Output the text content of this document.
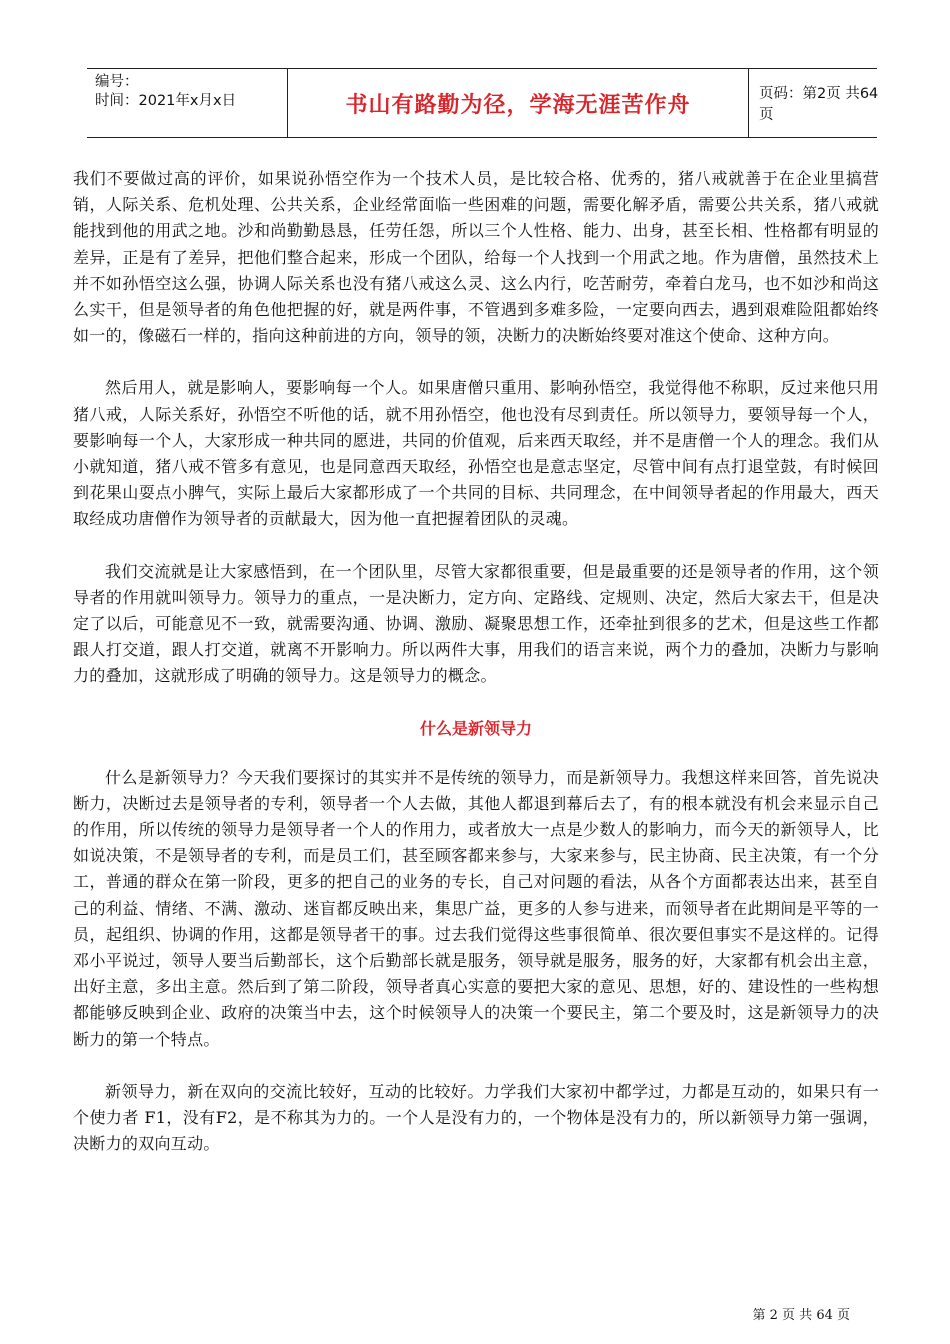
编号：
时间：2021年x月x日	书山有路勤为径，学海无涯苦作舟	页码：第2页 共64页

我们不要做过高的评价，如果说孙悟空作为一个技术人员，是比较合格、优秀的，猪八戒就善于在企业里搞营销，人际关系、危机处理、公共关系，企业经常面临一些困难的问题，需要化解矛盾，需要公共关系，猪八戒就能找到他的用武之地。沙和尚勤勤恳恳，任劳任怨，所以三个人性格、能力、出身，甚至长相、性格都有明显的差异，正是有了差异，把他们整合起来，形成一个团队，给每一个人找到一个用武之地。作为唐僧，虽然技术上并不如孙悟空这么强，协调人际关系也没有猪八戒这么灵、这么内行，吃苦耐劳，牵着白龙马，也不如沙和尚这么实干，但是领导者的角色他把握的好，就是两件事，不管遇到多难多险，一定要向西去，遇到艰难险阻都始终如一的，像磁石一样的，指向这种前进的方向，领导的领，决断力的决断始终要对准这个使命、这种方向。

然后用人，就是影响人，要影响每一个人。如果唐僧只重用、影响孙悟空，我觉得他不称职，反过来他只用猪八戒，人际关系好，孙悟空不听他的话，就不用孙悟空，他也没有尽到责任。所以领导力，要领导每一个人，要影响每一个人，大家形成一种共同的愿进，共同的价值观，后来西天取经，并不是唐僧一个人的理念。我们从小就知道，猪八戒不管多有意见，也是同意西天取经，孙悟空也是意志坚定，尽管中间有点打退堂鼓，有时候回到花果山耍点小脾气，实际上最后大家都形成了一个共同的目标、共同理念，在中间领导者起的作用最大，西天取经成功唐僧作为领导者的贡献最大，因为他一直把握着团队的灵魂。

我们交流就是让大家感悟到，在一个团队里，尽管大家都很重要，但是最重要的还是领导者的作用，这个领导者的作用就叫领导力。领导力的重点，一是决断力，定方向、定路线、定规则、决定，然后大家去干，但是决定了以后，可能意见不一致，就需要沟通、协调、激励、凝聚思想工作，还牵扯到很多的艺术，但是这些工作都跟人打交道，跟人打交道，就离不开影响力。所以两件大事，用我们的语言来说，两个力的叠加，决断力与影响力的叠加，这就形成了明确的领导力。这是领导力的概念。

什么是新领导力

什么是新领导力？今天我们要探讨的其实并不是传统的领导力，而是新领导力。我想这样来回答，首先说决断力，决断过去是领导者的专利，领导者一个人去做，其他人都退到幕后去了，有的根本就没有机会来显示自己的作用，所以传统的领导力是领导者一个人的作用力，或者放大一点是少数人的影响力，而今天的新领导人，比如说决策，不是领导者的专利，而是员工们，甚至顾客都来参与，大家来参与，民主协商、民主决策，有一个分工，普通的群众在第一阶段，更多的把自己的业务的专长，自己对问题的看法，从各个方面都表达出来，甚至自己的利益、情绪、不满、激动、迷盲都反映出来，集思广益，更多的人参与进来，而领导者在此期间是平等的一员，起组织、协调的作用，这都是领导者干的事。过去我们觉得这些事很简单、很次要但事实不是这样的。记得邓小平说过，领导人要当后勤部长，这个后勤部长就是服务，领导就是服务，服务的好，大家都有机会出主意，出好主意，多出主意。然后到了第二阶段，领导者真心实意的要把大家的意见、思想，好的、建设性的一些构想都能够反映到企业、政府的决策当中去，这个时候领导人的决策一个要民主，第二个要及时，这是新领导力的决断力的第一个特点。

新领导力，新在双向的交流比较好，互动的比较好。力学我们大家初中都学过，力都是互动的，如果只有一个使力者 F1，没有F2，是不称其为力的。一个人是没有力的，一个物体是没有力的，所以新领导力第一强调，决断力的双向互动。

第 2 页 共 64 页
